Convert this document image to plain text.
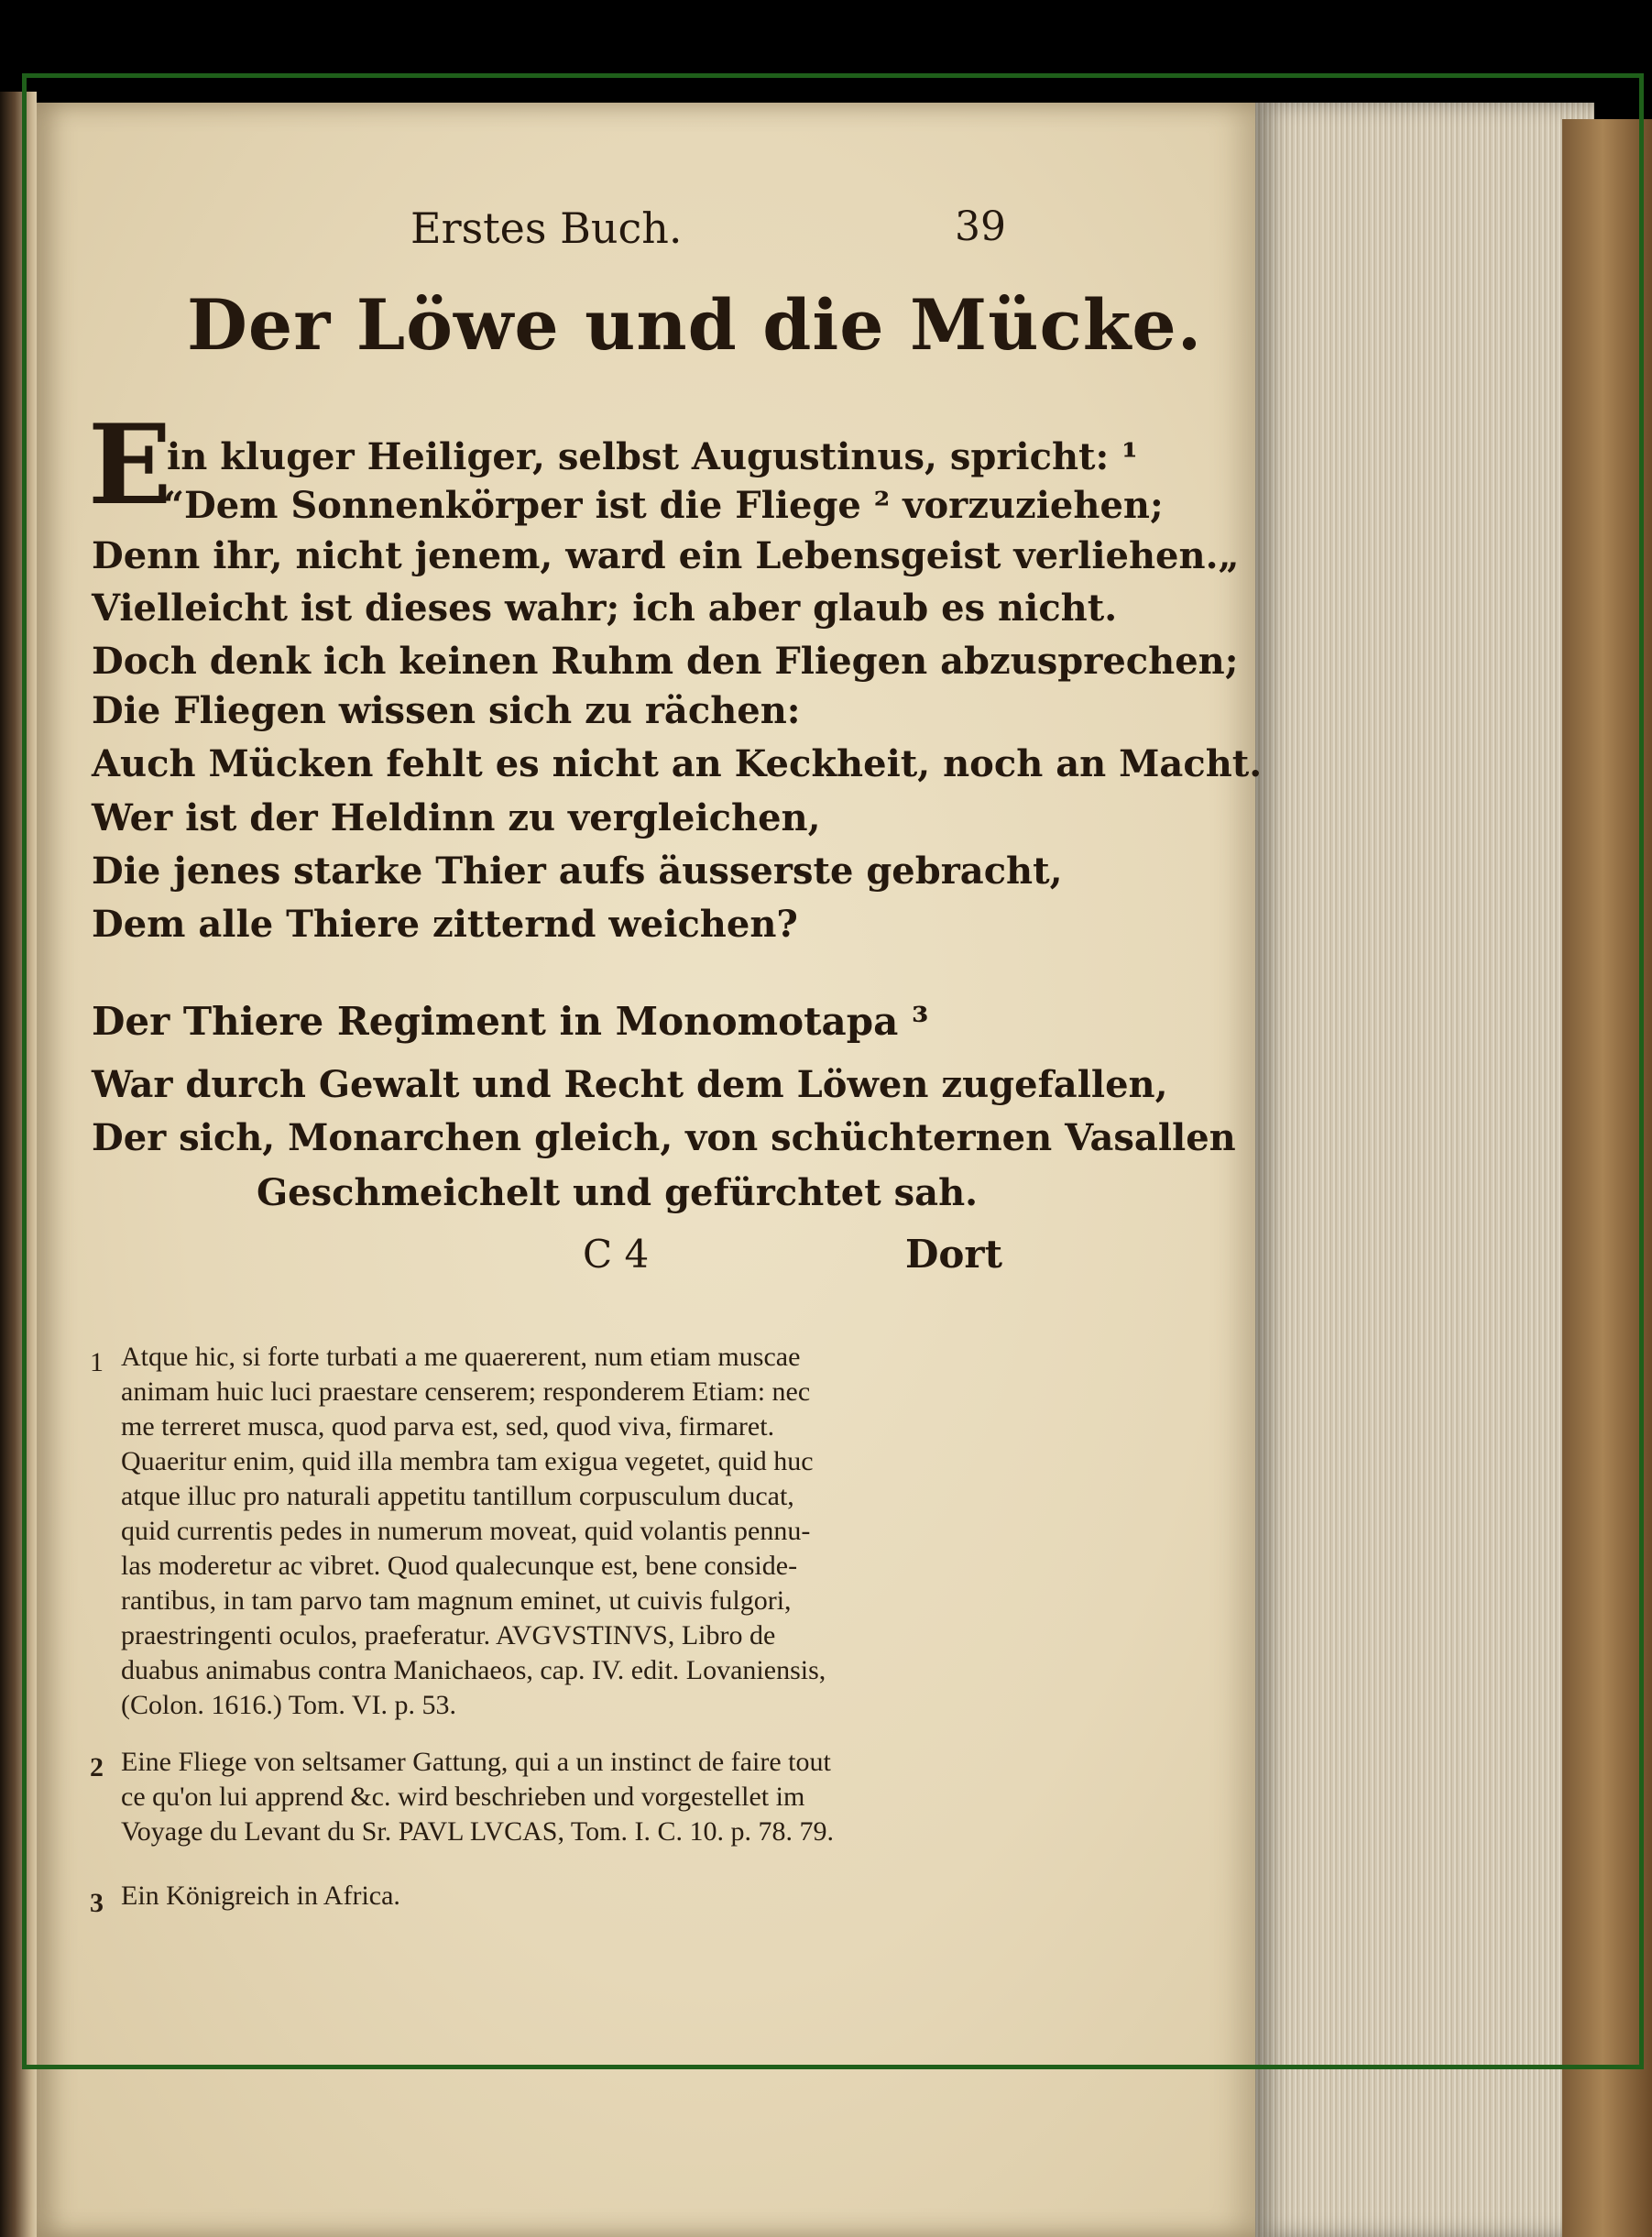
Erstes Buch.	39
Der Löwe und die Mücke.
E
in kluger Heiliger, selbst Augustinus, spricht: ¹
“Dem Sonnenkörper ist die Fliege ² vorzuziehen;
Denn ihr, nicht jenem, ward ein Lebensgeist verliehen.„
Vielleicht ist dieses wahr; ich aber glaub es nicht.
Doch denk ich keinen Ruhm den Fliegen abzusprechen;
Die Fliegen wissen sich zu rächen:
Auch Mücken fehlt es nicht an Keckheit, noch an Macht.
Wer ist der Heldinn zu vergleichen,
Die jenes starke Thier aufs äusserste gebracht,
Dem alle Thiere zitternd weichen?
Der Thiere Regiment in Monomotapa ³
War durch Gewalt und Recht dem Löwen zugefallen,
Der sich, Monarchen gleich, von schüchternen Vasallen
Geschmeichelt und gefürchtet sah.
C 4	Dort
1 Atque hic, si forte turbati a me quaererent, num etiam muscae
animam huic luci praestare censerem; responderem Etiam: nec
me terreret musca, quod parva est, sed, quod viva, firmaret.
Quaeritur enim, quid illa membra tam exigua vegetet, quid huc
atque illuc pro naturali appetitu tantillum corpusculum ducat,
quid currentis pedes in numerum moveat, quid volantis pennu-
las moderetur ac vibret. Quod qualecunque est, bene conside-
rantibus, in tam parvo tam magnum eminet, ut cuivis fulgori,
praestringenti oculos, praeferatur. AVGVSTINVS, Libro de
duabus animabus contra Manichaeos, cap. IV. edit. Lovaniensis,
(Colon. 1616.) Tom. VI. p. 53.
2 Eine Fliege von seltsamer Gattung, qui a un instinct de faire tout
ce qu'on lui apprend &c. wird beschrieben und vorgestellet im
Voyage du Levant du Sr. PAVL LVCAS, Tom. I. C. 10. p. 78. 79.
3 Ein Königreich in Africa.
